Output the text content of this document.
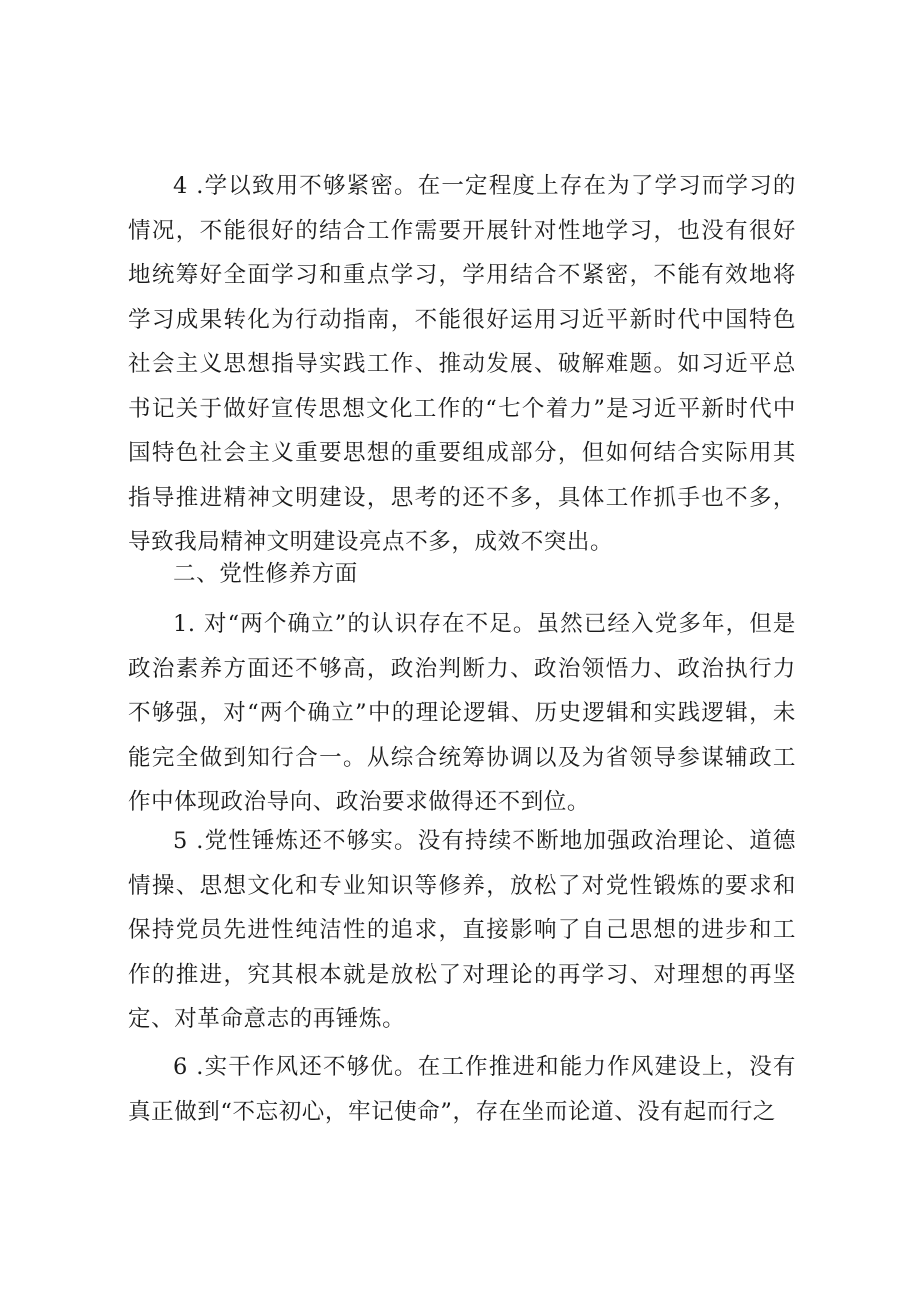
4 .学以致用不够紧密。在一定程度上存在为了学习而学习的情况，不能很好的结合工作需要开展针对性地学习，也没有很好地统筹好全面学习和重点学习，学用结合不紧密，不能有效地将学习成果转化为行动指南，不能很好运用习近平新时代中国特色社会主义思想指导实践工作、推动发展、破解难题。如习近平总书记关于做好宣传思想文化工作的“七个着力”是习近平新时代中国特色社会主义重要思想的重要组成部分，但如何结合实际用其指导推进精神文明建设，思考的还不多，具体工作抓手也不多，导致我局精神文明建设亮点不多，成效不突出。

二、党性修养方面

1. 对“两个确立”的认识存在不足。虽然已经入党多年，但是政治素养方面还不够高，政治判断力、政治领悟力、政治执行力不够强，对“两个确立”中的理论逻辑、历史逻辑和实践逻辑，未能完全做到知行合一。从综合统筹协调以及为省领导参谋辅政工作中体现政治导向、政治要求做得还不到位。

5 .党性锤炼还不够实。没有持续不断地加强政治理论、道德情操、思想文化和专业知识等修养，放松了对党性锻炼的要求和保持党员先进性纯洁性的追求，直接影响了自己思想的进步和工作的推进，究其根本就是放松了对理论的再学习、对理想的再坚定、对革命意志的再锤炼。

6 .实干作风还不够优。在工作推进和能力作风建设上，没有真正做到“不忘初心，牢记使命”，存在坐而论道、没有起而行之
